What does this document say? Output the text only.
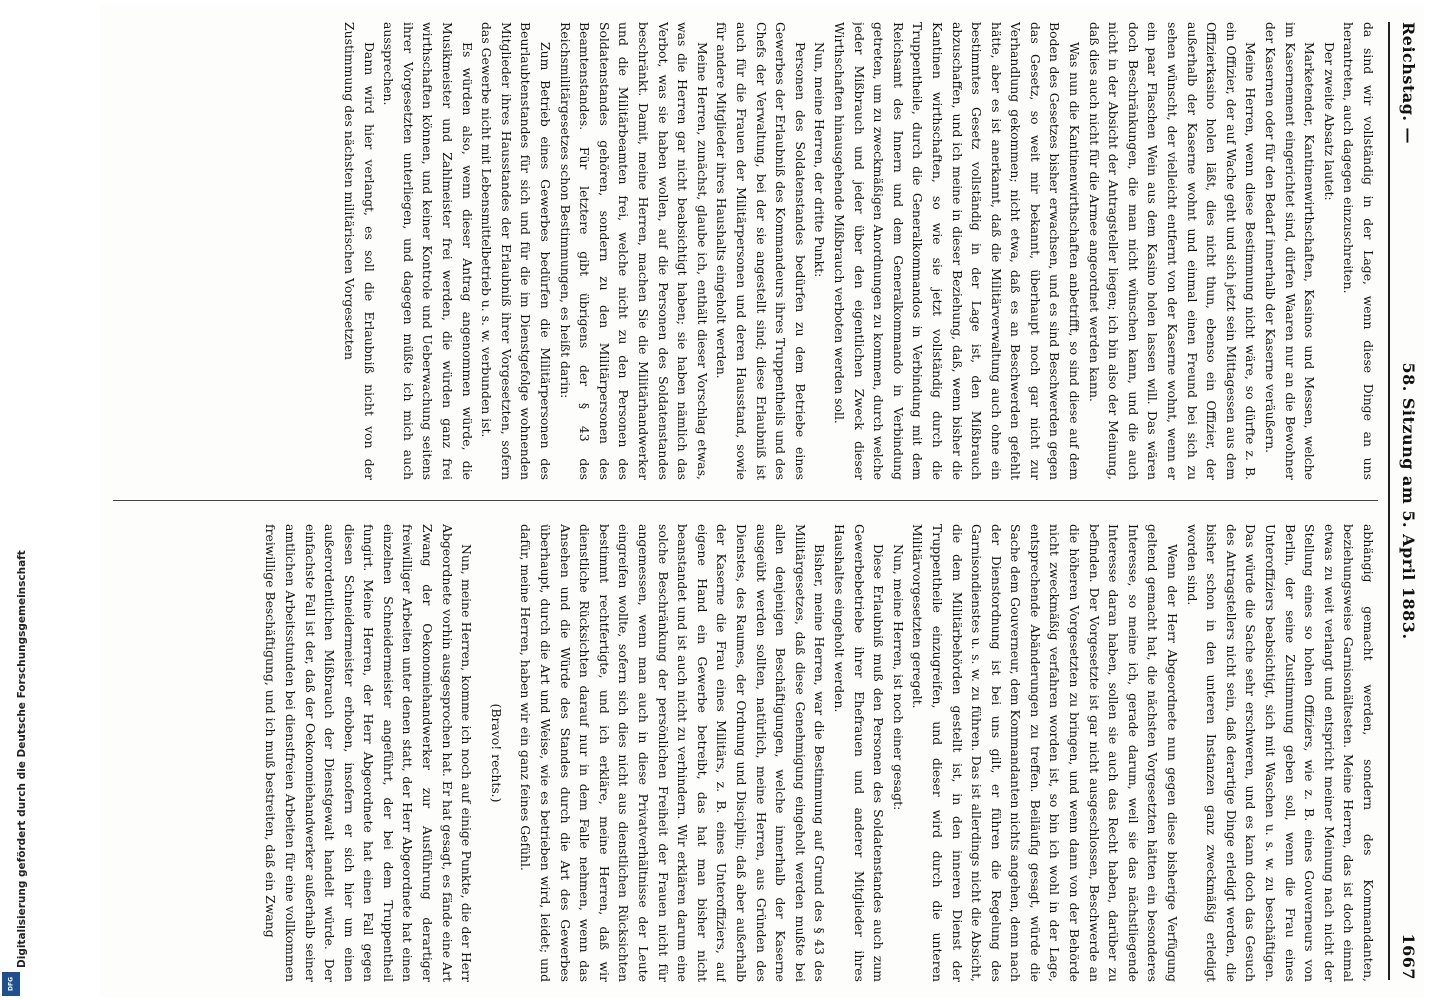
Digitalisierung gefördert durch die Deutsche Forschungsgemeinschaft
DFG
Reichstag. —
58. Sitzung am 5. April 1883.
1667

da sind wir vollständig in der Lage, wenn diese Dinge an uns herantreten, auch dagegen einzuschreiten.

Der zweite Absatz lautet:

Marketender, Kantinenwirthschaften, Kasinos und Messen, welche im Kasernement eingerichtet sind, dürfen Waaren nur an die Bewohner der Kasernen oder für den Bedarf innerhalb der Kaserne veräußern.

Meine Herren, wenn diese Bestimmung nicht wäre, so dürfte z. B. ein Offizier, der auf Wache geht und sich jetzt sein Mittagessen aus dem Offizierkasino holen läßt, dies nicht thun, ebenso ein Offizier, der außerhalb der Kaserne wohnt und einmal einen Freund bei sich zu sehen wünscht, der vielleicht entfernt von der Kaserne wohnt, wenn er ein paar Flaschen Wein aus dem Kasino holen lassen will. Das wären doch Beschränkungen, die man nicht wünschen kann, und die auch nicht in der Absicht der Antragsteller liegen; ich bin also der Meinung, daß dies auch nicht für die Armee angeordnet werden kann.

Was nun die Kantinenwirthschaften anbetrifft, so sind diese auf dem Boden des Gesetzes bisher erwachsen, und es sind Beschwerden gegen das Gesetz, so weit mir bekannt, überhaupt noch gar nicht zur Verhandlung gekommen; nicht etwa, daß es an Beschwerden gefehlt hätte, aber es ist anerkannt, daß die Militärverwaltung auch ohne ein bestimmtes Gesetz vollständig in der Lage ist, den Mißbrauch abzuschaffen, und ich meine in dieser Beziehung, daß, wenn bisher die Kantinen wirthschaften, so wie sie jetzt vollständig durch die Truppentheile, durch die Generalkommandos in Verbindung mit dem Reichsamt des Innern und dem Generalkommando in Verbindung getreten, um zu zweckmäßigen Anordnungen zu kommen, durch welche jeder Mißbrauch und jeder über den eigentlichen Zweck dieser Wirthschaften hinausgehende Mißbrauch verboten werden soll.

Nun, meine Herren, der dritte Punkt:

Personen des Soldatenstandes bedürfen zu dem Betriebe eines Gewerbes der Erlaubniß des Kommandeurs ihres Truppentheils und des Chefs der Verwaltung, bei der sie angestellt sind; diese Erlaubniß ist auch für die Frauen der Militärpersonen und deren Hausstand, sowie für andere Mitglieder ihres Haushalts eingeholt werden.

Meine Herren, zunächst, glaube ich, enthält dieser Vorschlag etwas, was die Herren gar nicht beabsichtigt haben; sie haben nämlich das Verbot, was sie haben wollen, auf die Personen des Soldatenstandes beschränkt. Damit, meine Herren, machen Sie die Militärhandwerker und die Militärbeamten frei, welche nicht zu den Personen des Soldatenstandes gehören, sondern zu den Militärpersonen des Beamtenstandes. Für letztere gibt übrigens der § 43 des Reichsmilitärgesetzes schon Bestimmungen, es heißt darin:

Zum Betrieb eines Gewerbes bedürfen die Militärpersonen des Beurlaubtenstandes für sich und für die im Dienstgefolge wohnenden Mitglieder ihres Hausstandes der Erlaubniß ihrer Vorgesetzten, sofern das Gewerbe nicht mit Lebensmittelbetrieb u. s. w. verbunden ist.

Es würden also, wenn dieser Antrag angenommen würde, die Musikmeister und Zahlmeister frei werden, die würden ganz frei wirthschaften können, und keiner Kontrole und Ueberwachung seitens ihrer Vorgesetzten unterliegen, und dagegen müßte ich mich auch aussprechen.

Dann wird hier verlangt, es soll die Erlaubniß nicht von der Zustimmung des nächsten militärischen Vorgesetzten

abhängig gemacht werden, sondern des Kommandanten, beziehungsweise Garnisonältesten. Meine Herren, das ist doch einmal etwas zu weit verlangt und entspricht meiner Meinung nach nicht der Stellung eines so hohen Offiziers, wie z. B. eines Gouverneurs von Berlin, der seine Zustimmung geben soll, wenn die Frau eines Unteroffiziers beabsichtigt, sich mit Waschen u. s. w. zu beschäftigen. Das würde die Sache sehr erschweren, und es kann doch das Gesuch des Antragstellers nicht sein, daß derartige Dinge erledigt werden, die bisher schon in den unteren Instanzen ganz zweckmäßig erledigt worden sind.

Wenn der Herr Abgeordnete nun gegen diese bisherige Verfügung geltend gemacht hat, die nächsten Vorgesetzten hätten ein besonderes Interesse, so meine ich, gerade darum, weil sie das nächstliegende Interesse daran haben, sollen sie auch das Recht haben, darüber zu befinden. Der Vorgesetzte ist gar nicht ausgeschlossen, Beschwerde an die höheren Vorgesetzten zu bringen, und wenn dann von der Behörde nicht zweckmäßig verfahren worden ist, so bin ich wohl in der Lage, entsprechende Abänderungen zu treffen. Beiläufig gesagt, würde die Sache dem Gouverneur, dem Kommandanten nichts angehen, denn nach der Dienstordnung ist bei uns gilt, er führen die Regelung des Garnisondienstes u. s. w. zu führen. Das ist allerdings nicht die Absicht, die dem Militärbehörden gestellt ist, in den inneren Dienst der Truppentheile einzugreifen, und dieser wird durch die unteren Militärvorgesetzten geregelt.

Nun, meine Herren, ist noch einer gesagt:

Diese Erlaubniß muß den Personen des Soldatenstandes auch zum Gewerbebetriebe ihrer Ehefrauen und anderer Mitglieder ihres Haushaltes eingeholt werden.

Bisher, meine Herren, war die Bestimmung auf Grund des § 43 des Militärgesetzes, daß diese Genehmigung eingeholt werden mußte bei allen denjenigen Beschäftigungen, welche innerhalb der Kaserne ausgeübt werden sollten, natürlich, meine Herren, aus Gründen des Dienstes, des Raumes, der Ordnung und Disciplin; daß aber außerhalb der Kaserne die Frau eines Militärs, z. B. eines Unteroffiziers, auf eigene Hand ein Gewerbe betreibt, das hat man bisher nicht beanstandet und ist auch nicht zu verhindern. Wir erklären darum eine solche Beschränkung der persönlichen Freiheit der Frauen nicht für angemessen, wenn man auch in diese Privatverhältnisse der Leute eingreifen wollte, sofern sich dies nicht aus dienstlichen Rücksichten bestimmt rechtfertigte, und ich erkläre, meine Herren, daß wir dienstliche Rücksichten darauf nur in dem Falle nehmen, wenn das Ansehen und die Würde des Standes durch die Art des Gewerbes überhaupt, durch die Art und Weise, wie es betrieben wird, leidet; und dafür, meine Herren, haben wir ein ganz feines Gefühl.

(Bravo! rechts.)

Nun, meine Herren, komme ich noch auf einige Punkte, die der Herr Abgeordnete vorhin ausgesprochen hat. Er hat gesagt, es fände eine Art Zwang der Oekonomiehandwerker zur Ausführung derartiger freiwilliger Arbeiten unter denen statt, der Herr Abgeordnete hat einen einzelnen Schneidermeister angeführt, der bei dem Truppentheil fungirt. Meine Herren, der Herr Abgeordnete hat einen Fall gegen diesen Schneidermeister erhoben, insofern er sich hier um einen außerordentlichen Mißbrauch der Dienstgewalt handelt würde. Der einfachste Fall ist der, daß der Oekonomiehandwerker außerhalb seiner amtlichen Arbeitsstunden bei dienstfreien Arbeiten für eine vollkommen freiwillige Beschäftigung, und ich muß bestreiten, daß ein Zwang
